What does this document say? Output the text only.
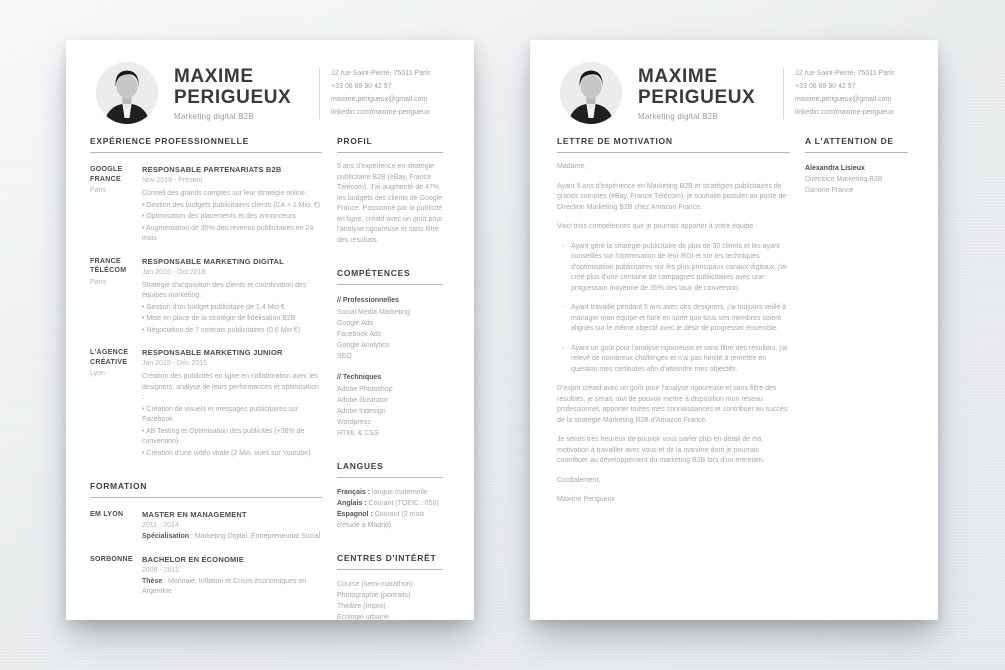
MAXIME
PERIGUEUX
Marketing digital B2B
12 rue Saint-Pierre, 75011 Paris
+33 06 68 90 42 57
maxime.perigueux@gmail.com
linkedin.com/maxime-perigueux
EXPÉRIENCE PROFESSIONNELLE
GOOGLE FRANCE
Paris
RESPONSABLE PARTENARIATS B2B
Nov 2018 - Présent
Conseil des grands comptes sur leur stratégie online :
• Gestion des budgets publicitaires clients (CA > 1 Mio. €)
• Optimisation des placements et des annonceurs
• Augmentation de 35% des revenus publicitaires en 24 mois
FRANCE TÉLÉCOM
Paris
RESPONSABLE MARKETING DIGITAL
Jan 2016 - Oct 2018
Stratégie d'acquisition des clients et coordination des équipes marketing :
• Gestion d'un budget publicitaire de 1,4 Mio €
• Mise en place de la stratégie de fidélisation B2B
• Négociation de 7 contrats publicitaires (0,6 Mio €)
L'AGENCE CRÉATIVE
Lyon
RESPONSABLE MARKETING JUNIOR
Jan 2015 - Déc 2015
Création des publicités en ligne en collaboration avec les designers, analyse de leurs performances et optimisation :
• Création de visuels et messages publicitaires sur Facebook
• AB Testing et Optimisation des publicités (+38% de conversion)
• Création d'une vidéo virale (2 Mio. vues sur Youtube)
FORMATION
EM LYON	MASTER EN MANAGEMENT
2011 - 2014
Spécialisation : Marketing Digital, Entrepreneuriat Social
SORBONNE	BACHELOR EN ÉCONOMIE
2009 - 2011
Thèse : Monnaie, Inflation et Crises économiques en Argentine
PROFIL
5 ans d'expérience en stratégie publicitaire B2B (eBay, France Télécom). J'ai augmenté de 47% les budgets des clients de Google France. Passionné par la publicité en ligne, créatif avec un goût pour l'analyse rigoureuse et sans filtre des résultats.
COMPÉTENCES
// Professionnelles
Social Media Marketing
Google Ads
Facebook Ads
Google Analytics
SEO
// Techniques
Adobe Photoshop
Adobe Illustrator
Adobe Indesign
Wordpress
HTML & CSS
LANGUES
Français : langue maternelle
Anglais : Courant (TOEIC : 650)
Espagnol : Courant (2 mois d'étude à Madrid)
CENTRES D'INTÉRÊT
Course (semi-marathon)
Photographie (portraits)
Théâtre (Impro)
Ecologie urbaine
MAXIME
PERIGUEUX
Marketing digital B2B
12 rue Saint-Pierre, 75011 Paris
+33 06 68 90 42 57
maxime.perigueux@gmail.com
linkedin.com/maxime-perigueux
LETTRE DE MOTIVATION
Madame,
Ayant 5 ans d'expérience en Marketing B2B et stratégies publicitaires de grands comptes (eBay, France Télécom), je souhaite postuler au poste de Direction Marketing B2B chez Amazon France.
Voici trois compétences que je pourrais apporter à votre équipe :
- Ayant géré la stratégie publicitaire de plus de 30 clients et les ayant conseillés sur l'optimisation de leur ROI et sur les techniques d'optimisation publicitaires sur les plus principaux canaux digitaux, j'ai créé plus d'une centaine de campagnes publicitaires avec une progression moyenne de 35% des taux de conversion.
- Ayant travaillé pendant 5 ans avec des designers, j'ai toujours veillé à manager mon équipe et faire en sorte que tous ses membres soient alignés sur le même objectif avec le désir de progresser ensemble.
- Ayant un goût pour l'analyse rigoureuse et sans filtre des résultats, j'ai relevé de nombreux challenges et n'ai pas hésité à remettre en question mes certitudes afin d'atteindre mes objectifs.
D'esprit créatif avec un goût pour l'analyse rigoureuse et sans filtre des résultats, je serais ravi de pouvoir mettre à disposition mon réseau professionnel, apporter toutes mes connaissances et contribuer au succès de la stratégie Marketing B2B d'Amazon France.
Je serais très heureux de pouvoir vous parler plus en détail de ma motivation à travailler avec vous et de la manière dont je pourrais contribuer au développement du marketing B2B lors d'un entretien.
Cordialement,
Maxime Périgueux
A L'ATTENTION DE
Alexandra Lisieux
Directrice Marketing B2B
Danone France
